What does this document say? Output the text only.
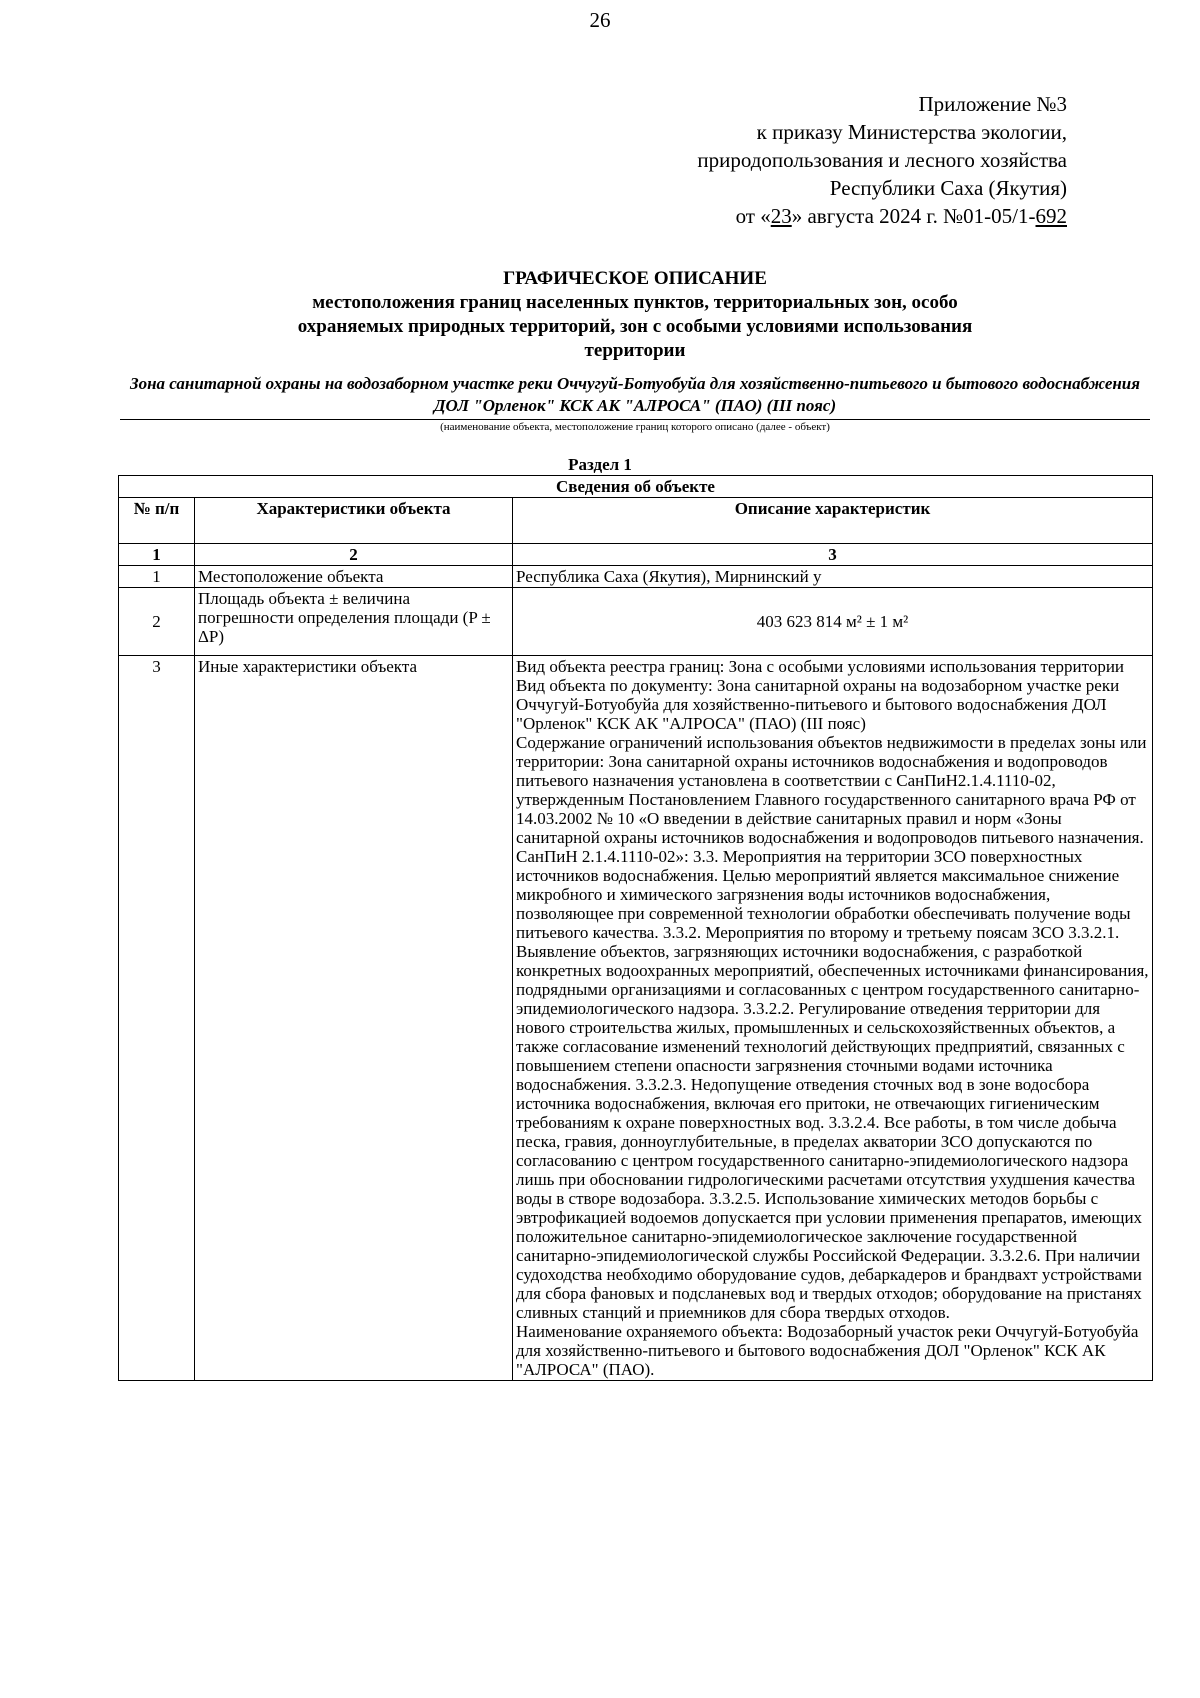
26
Приложение №3
к приказу Министерства экологии,
природопользования и лесного хозяйства
Республики Саха (Якутия)
от «23» августа 2024 г. №01-05/1-692
ГРАФИЧЕСКОЕ ОПИСАНИЕ
местоположения границ населенных пунктов, территориальных зон, особо охраняемых природных территорий, зон с особыми условиями использования территории
Зона санитарной охраны на водозаборном участке реки Оччугуй-Ботуобуйа для хозяйственно-питьевого и бытового водоснабжения ДОЛ "Орленок" КСК АК "АЛРОСА" (ПАО) (III пояс)
(наименование объекта, местоположение границ которого описано (далее - объект)
Раздел 1
Сведения об объекте		
№ п/п	Характеристики объекта	Описание характеристик
1	2	3
1	Местоположение объекта	Республика Саха (Якутия), Мирнинский у
2	Площадь объекта ± величина погрешности определения площади (P ± ΔP)	403 623 814 м² ± 1 м²
3	Иные характеристики объекта	Вид объекта реестра границ: Зона с особыми условиями использования территории
Вид объекта по документу: Зона санитарной охраны на водозаборном участке реки Оччугуй-Ботуобуйа для хозяйственно-питьевого и бытового водоснабжения ДОЛ "Орленок" КСК АК "АЛРОСА" (ПАО) (III пояс)
Содержание ограничений использования объектов недвижимости в пределах зоны или территории: Зона санитарной охраны источников водоснабжения и водопроводов питьевого назначения установлена в соответствии с СанПиН2.1.4.1110-02, утвержденным Постановлением Главного государственного санитарного врача РФ от 14.03.2002 № 10 «О введении в действие санитарных правил и норм «Зоны санитарной охраны источников водоснабжения и водопроводов питьевого назначения. СанПиН 2.1.4.1110-02»: 3.3. Мероприятия на территории ЗСО поверхностных источников водоснабжения. Целью мероприятий является максимальное снижение микробного и химического загрязнения воды источников водоснабжения, позволяющее при современной технологии обработки обеспечивать получение воды питьевого качества. 3.3.2. Мероприятия по второму и третьему поясам ЗСО 3.3.2.1. Выявление объектов, загрязняющих источники водоснабжения, с разработкой конкретных водоохранных мероприятий, обеспеченных источниками финансирования, подрядными организациями и согласованных с центром государственного санитарно-эпидемиологического надзора. 3.3.2.2. Регулирование отведения территории для нового строительства жилых, промышленных и сельскохозяйственных объектов, а также согласование изменений технологий действующих предприятий, связанных с повышением степени опасности загрязнения сточными водами источника водоснабжения. 3.3.2.3. Недопущение отведения сточных вод в зоне водосбора источника водоснабжения, включая его притоки, не отвечающих гигиеническим требованиям к охране поверхностных вод. 3.3.2.4. Все работы, в том числе добыча песка, гравия, донноуглубительные, в пределах акватории ЗСО допускаются по согласованию с центром государственного санитарно-эпидемиологического надзора лишь при обосновании гидрологическими расчетами отсутствия ухудшения качества воды в створе водозабора. 3.3.2.5. Использование химических методов борьбы с эвтрофикацией водоемов допускается при условии применения препаратов, имеющих положительное санитарно-эпидемиологическое заключение государственной санитарно-эпидемиологической службы Российской Федерации. 3.3.2.6. При наличии судоходства необходимо оборудование судов, дебаркадеров и брандвахт устройствами для сбора фановых и подсланевых вод и твердых отходов; оборудование на пристанях сливных станций и приемников для сбора твердых отходов.
Наименование охраняемого объекта: Водозаборный участок реки Оччугуй-Ботуобуйа для хозяйственно-питьевого и бытового водоснабжения ДОЛ "Орленок" КСК АК "АЛРОСА" (ПАО).
